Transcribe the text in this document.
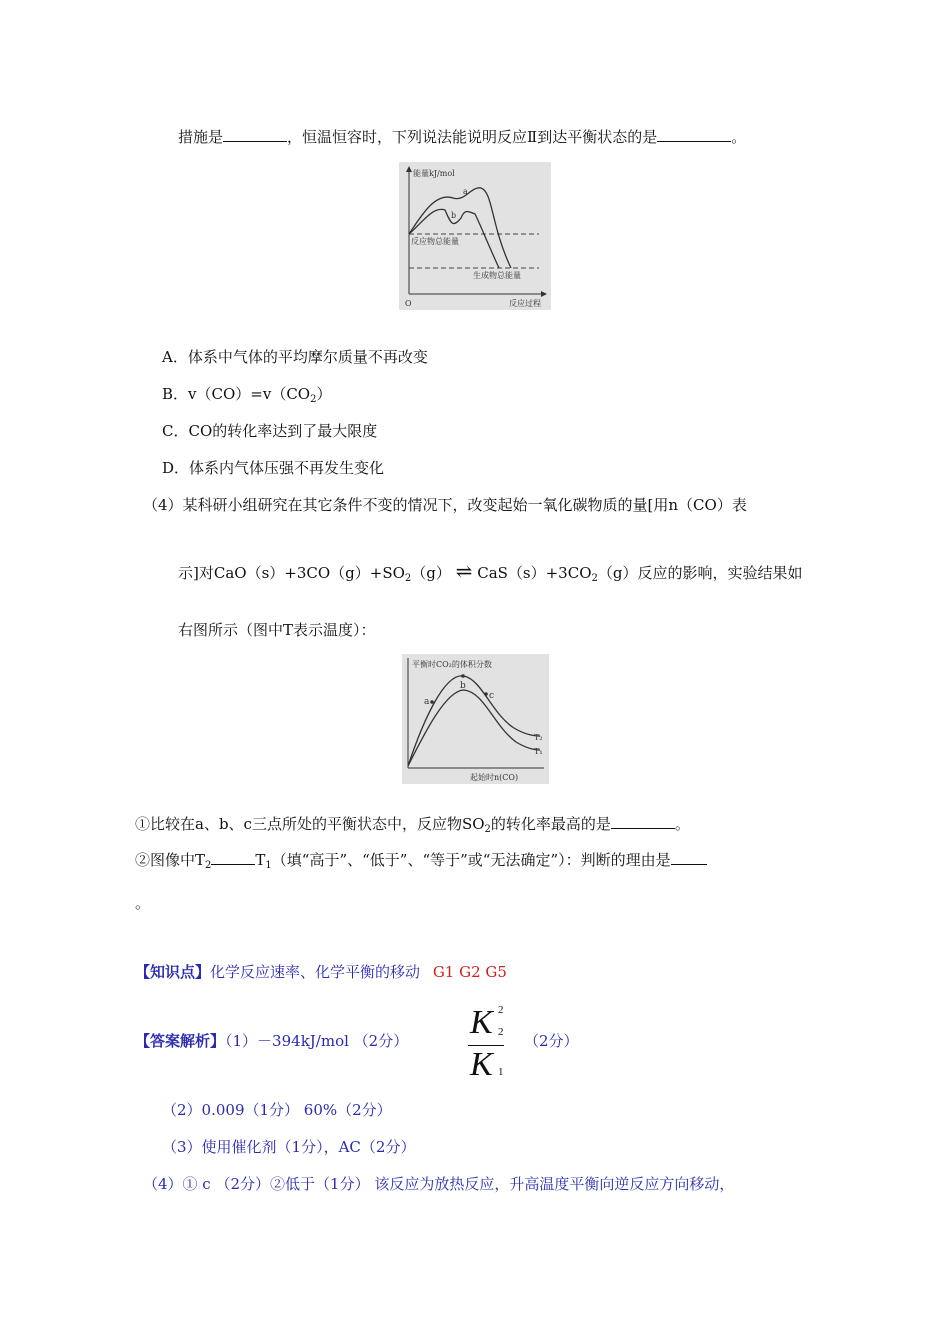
措施是	，恒温恒容时，下列说法能说明反应Ⅱ到达平衡状态的是	。
能量kJ/mol
O	反应过程
a
b
反应物总能量
生成物总能量
A．体系中气体的平均摩尔质量不再改变
B．$v(CO)=v(CO_2)$
C．CO的转化率达到了最大限度
D．体系内气体压强不再发生变化
（4）某科研小组研究在其它条件不变的情况下，改变起始一氧化碳物质的量[用n（CO）表
示]对$CaO(s)+3CO(g)+SO_2(g)$ ⇌ $CaS(s)+3CO_2(g)$反应的影响，实验结果如
右图所示（图中T表示温度）：
平衡时CO₂的体积分数
a
b
c
T₂
T₁
起始时n(CO)
①比较在a、b、c三点所处的平衡状态中，反应物$SO_2$的转化率最高的是	。
②图像中$T_2$	$T_1$（填“高于”、“低于”、“等于”或“无法确定”）：判断的理由是
。
【知识点】化学反应速率、化学平衡的移动 G1 G2 G5
【答案解析】（1）－394kJ/mol （2分） K 2
2
K 1
（2分）
（2）0.009（1分） 60%（2分）
（3）使用催化剂（1分），AC（2分）
（4）① c （2分）②低于（1分） 该反应为放热反应，升高温度平衡向逆反应方向移动，
